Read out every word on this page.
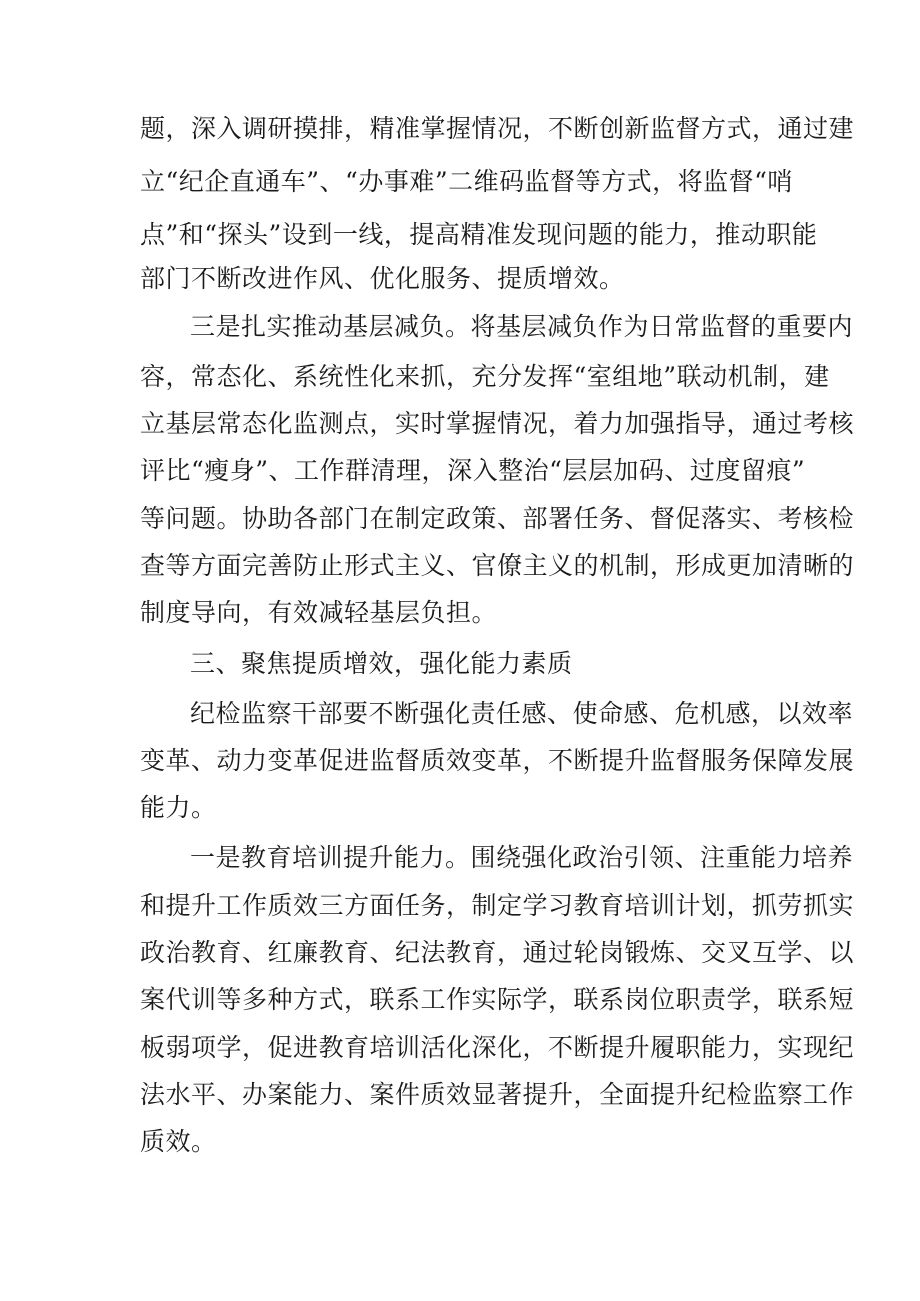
题，深入调研摸排，精准掌握情况，不断创新监督方式，通过建
立“纪企直通车”、“办事难”二维码监督等方式，将监督“哨
点”和“探头”设到一线，提高精准发现问题的能力，推动职能
部门不断改进作风、优化服务、提质增效。
三是扎实推动基层减负。将基层减负作为日常监督的重要内
容，常态化、系统性化来抓，充分发挥“室组地”联动机制，建
立基层常态化监测点，实时掌握情况，着力加强指导，通过考核
评比“瘦身”、工作群清理，深入整治“层层加码、过度留痕”
等问题。协助各部门在制定政策、部署任务、督促落实、考核检
查等方面完善防止形式主义、官僚主义的机制，形成更加清晰的
制度导向，有效减轻基层负担。
三、聚焦提质增效，强化能力素质
纪检监察干部要不断强化责任感、使命感、危机感，以效率
变革、动力变革促进监督质效变革，不断提升监督服务保障发展
能力。
一是教育培训提升能力。围绕强化政治引领、注重能力培养
和提升工作质效三方面任务，制定学习教育培训计划，抓劳抓实
政治教育、红廉教育、纪法教育，通过轮岗锻炼、交叉互学、以
案代训等多种方式，联系工作实际学，联系岗位职责学，联系短
板弱项学，促进教育培训活化深化，不断提升履职能力，实现纪
法水平、办案能力、案件质效显著提升，全面提升纪检监察工作
质效。
